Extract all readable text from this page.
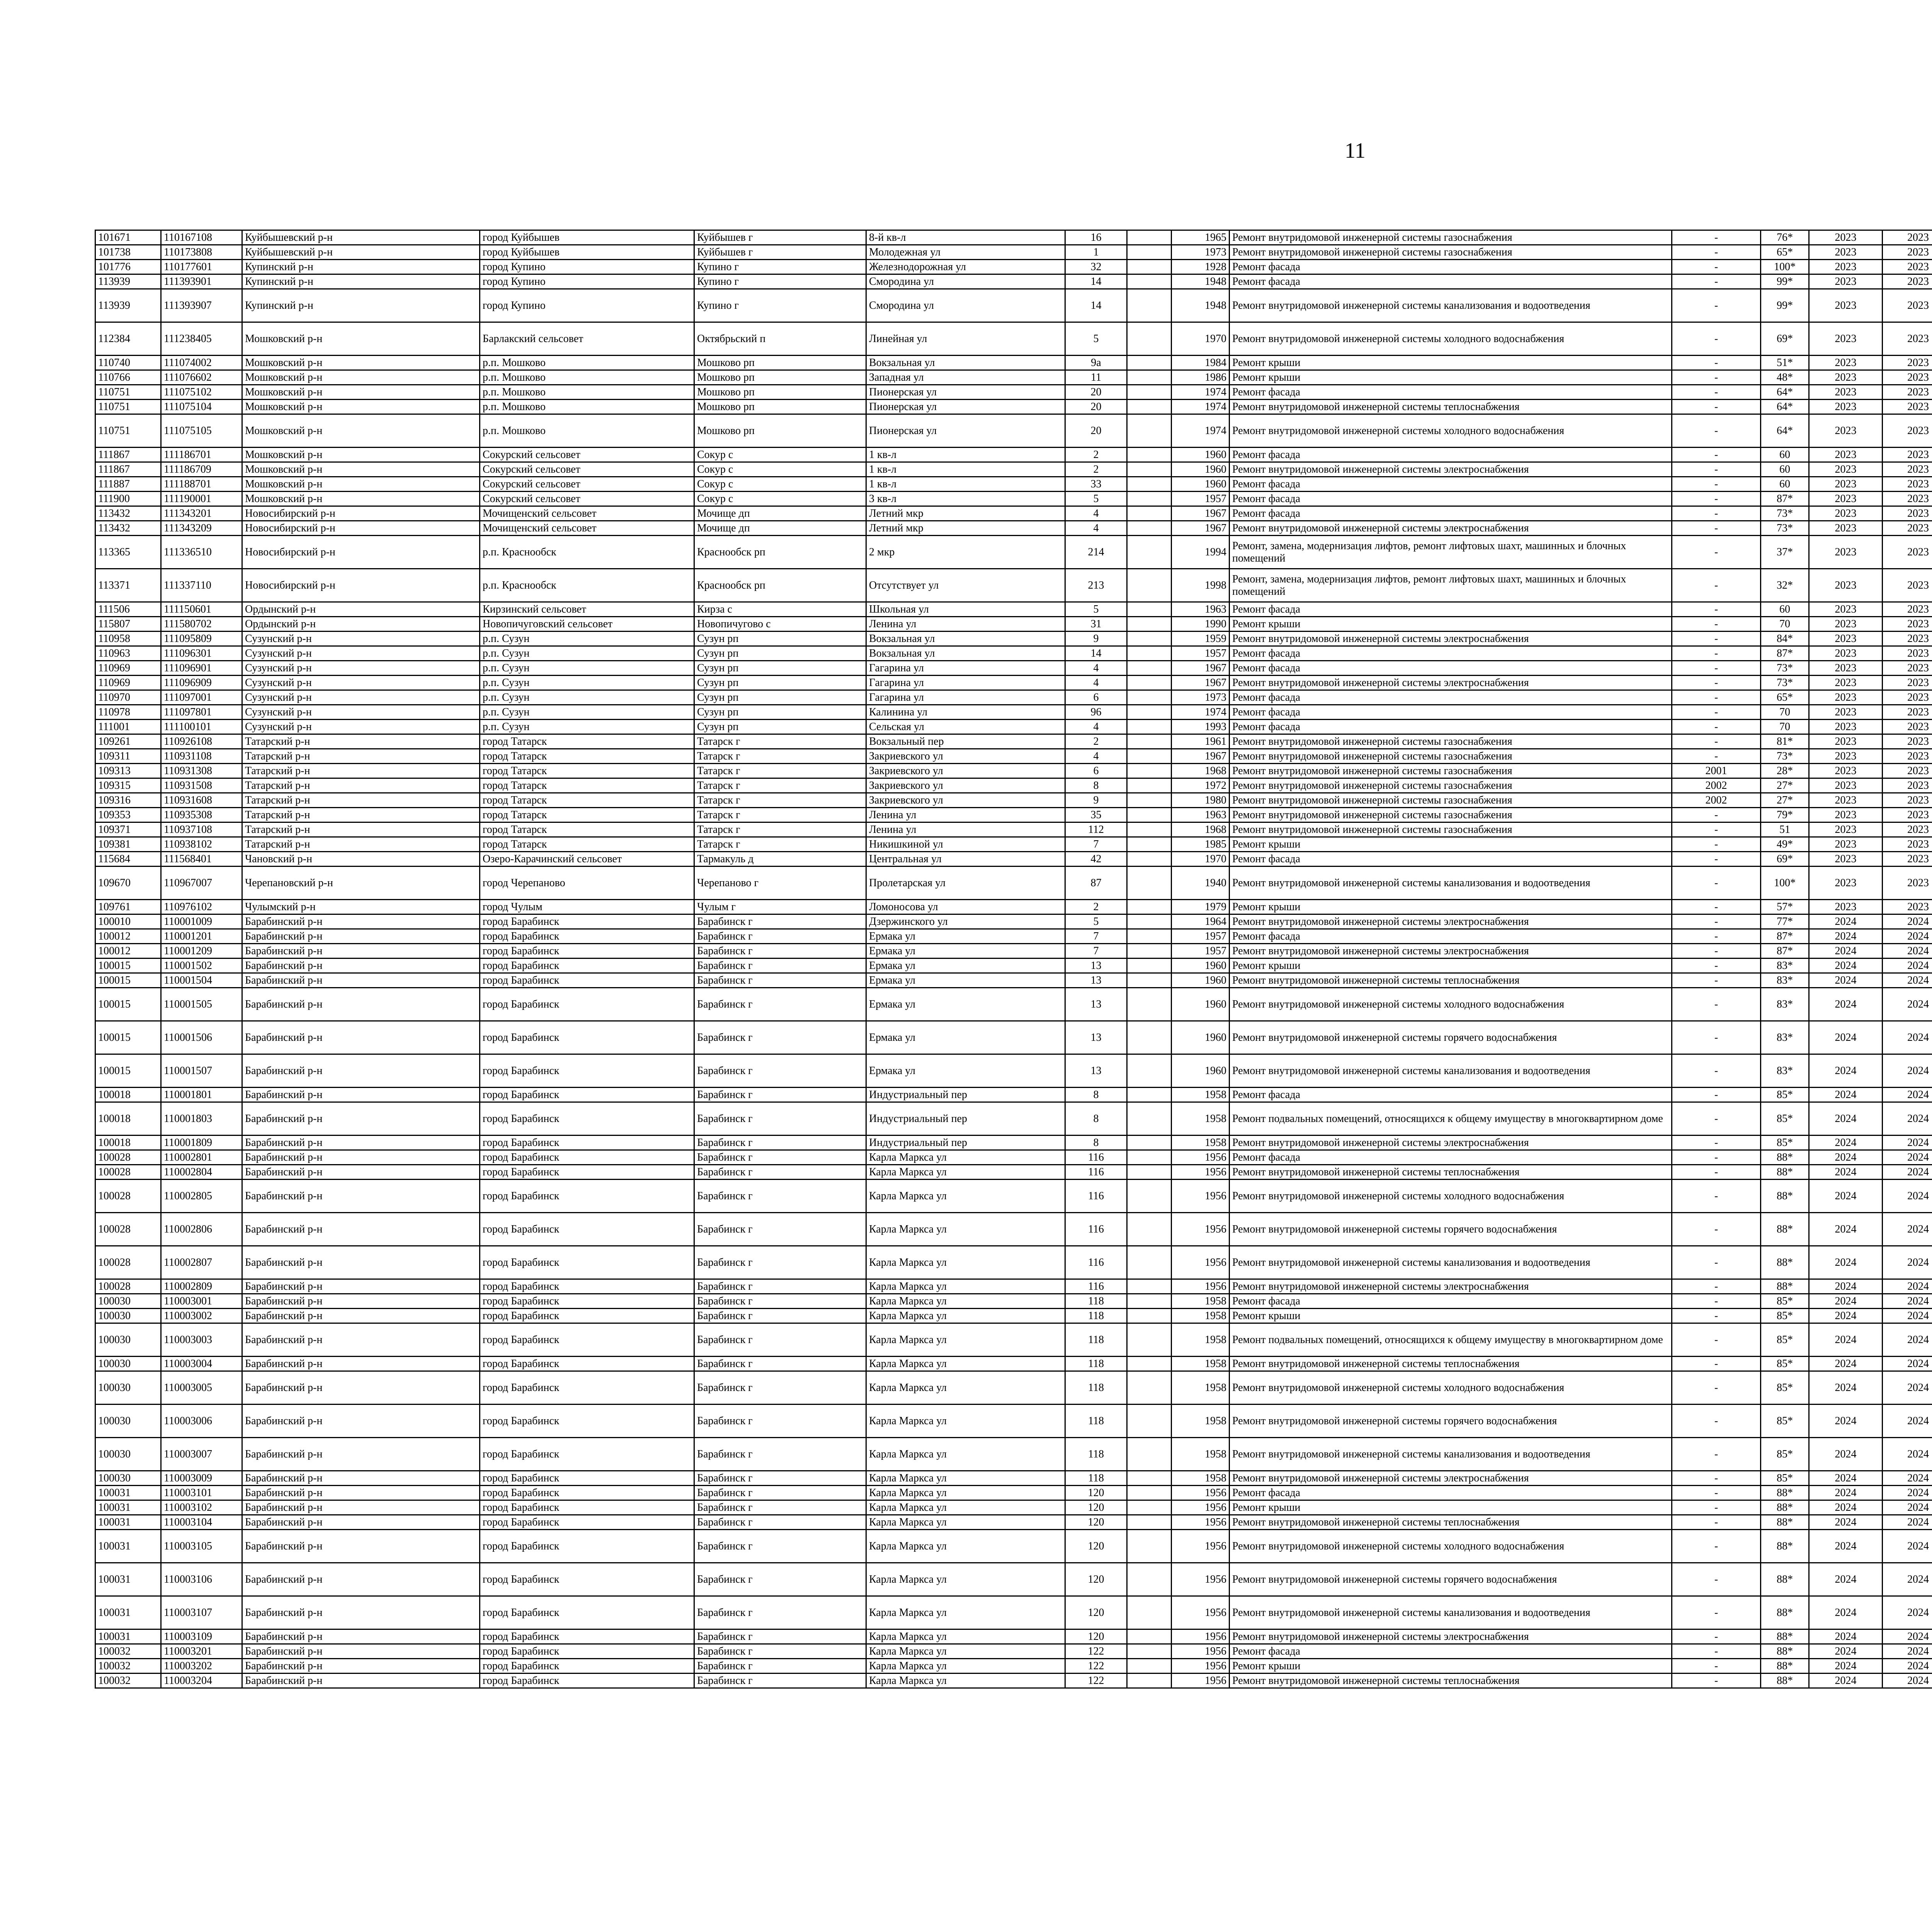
11
101671	110167108	Куйбышевский р-н	город Куйбышев	Куйбышев г	8-й кв-л	16		1965	Ремонт внутридомовой инженерной системы газоснабжения	-	76*	2023	2023					
101738	110173808	Куйбышевский р-н	город Куйбышев	Куйбышев г	Молодежная ул	1		1973	Ремонт внутридомовой инженерной системы газоснабжения	-	65*	2023	2023					
101776	110177601	Купинский р-н	город Купино	Купино г	Железнодорожная ул	32		1928	Ремонт фасада	-	100*	2023	2023					
113939	111393901	Купинский р-н	город Купино	Купино г	Смородина ул	14		1948	Ремонт фасада	-	99*	2023	2023					
113939	111393907	Купинский р-н	город Купино	Купино г	Смородина ул	14		1948	Ремонт внутридомовой инженерной системы канализования и водоотведения	-	99*	2023	2023					
112384	111238405	Мошковский р-н	Барлакский сельсовет	Октябрьский п	Линейная ул	5		1970	Ремонт внутридомовой инженерной системы холодного водоснабжения	-	69*	2023	2023					
110740	111074002	Мошковский р-н	р.п. Мошково	Мошково рп	Вокзальная ул	9а		1984	Ремонт крыши	-	51*	2023	2023					
110766	111076602	Мошковский р-н	р.п. Мошково	Мошково рп	Западная ул	11		1986	Ремонт крыши	-	48*	2023	2023					
110751	111075102	Мошковский р-н	р.п. Мошково	Мошково рп	Пионерская ул	20		1974	Ремонт фасада	-	64*	2023	2023					
110751	111075104	Мошковский р-н	р.п. Мошково	Мошково рп	Пионерская ул	20		1974	Ремонт внутридомовой инженерной системы теплоснабжения	-	64*	2023	2023					
110751	111075105	Мошковский р-н	р.п. Мошково	Мошково рп	Пионерская ул	20		1974	Ремонт внутридомовой инженерной системы холодного водоснабжения	-	64*	2023	2023					
111867	111186701	Мошковский р-н	Сокурский сельсовет	Сокур с	1 кв-л	2		1960	Ремонт фасада	-	60	2023	2023					
111867	111186709	Мошковский р-н	Сокурский сельсовет	Сокур с	1 кв-л	2		1960	Ремонт внутридомовой инженерной системы электроснабжения	-	60	2023	2023					
111887	111188701	Мошковский р-н	Сокурский сельсовет	Сокур с	1 кв-л	33		1960	Ремонт фасада	-	60	2023	2023					
111900	111190001	Мошковский р-н	Сокурский сельсовет	Сокур с	3 кв-л	5		1957	Ремонт фасада	-	87*	2023	2023					
113432	111343201	Новосибирский р-н	Мочищенский сельсовет	Мочище дп	Летний мкр	4		1967	Ремонт фасада	-	73*	2023	2023					
113432	111343209	Новосибирский р-н	Мочищенский сельсовет	Мочище дп	Летний мкр	4		1967	Ремонт внутридомовой инженерной системы электроснабжения	-	73*	2023	2023					
113365	111336510	Новосибирский р-н	р.п. Краснообск	Краснообск рп	2 мкр	214		1994	Ремонт, замена, модернизация лифтов, ремонт лифтовых шахт, машинных и блочных помещений	-	37*	2023	2023					
113371	111337110	Новосибирский р-н	р.п. Краснообск	Краснообск рп	Отсутствует ул	213		1998	Ремонт, замена, модернизация лифтов, ремонт лифтовых шахт, машинных и блочных помещений	-	32*	2023	2023					
111506	111150601	Ордынский р-н	Кирзинский сельсовет	Кирза с	Школьная ул	5		1963	Ремонт фасада	-	60	2023	2023					
115807	111580702	Ордынский р-н	Новопичуговский сельсовет	Новопичугово с	Ленина ул	31		1990	Ремонт крыши	-	70	2023	2023					
110958	111095809	Сузунский р-н	р.п. Сузун	Сузун рп	Вокзальная ул	9		1959	Ремонт внутридомовой инженерной системы электроснабжения	-	84*	2023	2023					
110963	111096301	Сузунский р-н	р.п. Сузун	Сузун рп	Вокзальная ул	14		1957	Ремонт фасада	-	87*	2023	2023					
110969	111096901	Сузунский р-н	р.п. Сузун	Сузун рп	Гагарина ул	4		1967	Ремонт фасада	-	73*	2023	2023					
110969	111096909	Сузунский р-н	р.п. Сузун	Сузун рп	Гагарина ул	4		1967	Ремонт внутридомовой инженерной системы электроснабжения	-	73*	2023	2023					
110970	111097001	Сузунский р-н	р.п. Сузун	Сузун рп	Гагарина ул	6		1973	Ремонт фасада	-	65*	2023	2023					
110978	111097801	Сузунский р-н	р.п. Сузун	Сузун рп	Калинина ул	96		1974	Ремонт фасада	-	70	2023	2023					
111001	111100101	Сузунский р-н	р.п. Сузун	Сузун рп	Сельская ул	4		1993	Ремонт фасада	-	70	2023	2023					
109261	110926108	Татарский р-н	город Татарск	Татарск г	Вокзальный пер	2		1961	Ремонт внутридомовой инженерной системы газоснабжения	-	81*	2023	2023					
109311	110931108	Татарский р-н	город Татарск	Татарск г	Закриевского ул	4		1967	Ремонт внутридомовой инженерной системы газоснабжения	-	73*	2023	2023					
109313	110931308	Татарский р-н	город Татарск	Татарск г	Закриевского ул	6		1968	Ремонт внутридомовой инженерной системы газоснабжения	2001	28*	2023	2023					
109315	110931508	Татарский р-н	город Татарск	Татарск г	Закриевского ул	8		1972	Ремонт внутридомовой инженерной системы газоснабжения	2002	27*	2023	2023					
109316	110931608	Татарский р-н	город Татарск	Татарск г	Закриевского ул	9		1980	Ремонт внутридомовой инженерной системы газоснабжения	2002	27*	2023	2023					
109353	110935308	Татарский р-н	город Татарск	Татарск г	Ленина ул	35		1963	Ремонт внутридомовой инженерной системы газоснабжения	-	79*	2023	2023					
109371	110937108	Татарский р-н	город Татарск	Татарск г	Ленина ул	112		1968	Ремонт внутридомовой инженерной системы газоснабжения	-	51	2023	2023					
109381	110938102	Татарский р-н	город Татарск	Татарск г	Никишкиной ул	7		1985	Ремонт крыши	-	49*	2023	2023					
115684	111568401	Чановский р-н	Озеро-Карачинский сельсовет	Тармакуль д	Центральная ул	42		1970	Ремонт фасада	-	69*	2023	2023					
109670	110967007	Черепановский р-н	город Черепаново	Черепаново г	Пролетарская ул	87		1940	Ремонт внутридомовой инженерной системы канализования и водоотведения	-	100*	2023	2023					
109761	110976102	Чулымский р-н	город Чулым	Чулым г	Ломоносова ул	2		1979	Ремонт крыши	-	57*	2023	2023					
100010	110001009	Барабинский р-н	город Барабинск	Барабинск г	Дзержинского ул	5		1964	Ремонт внутридомовой инженерной системы электроснабжения	-	77*	2024	2024					
100012	110001201	Барабинский р-н	город Барабинск	Барабинск г	Ермака ул	7		1957	Ремонт фасада	-	87*	2024	2024					
100012	110001209	Барабинский р-н	город Барабинск	Барабинск г	Ермака ул	7		1957	Ремонт внутридомовой инженерной системы электроснабжения	-	87*	2024	2024					
100015	110001502	Барабинский р-н	город Барабинск	Барабинск г	Ермака ул	13		1960	Ремонт крыши	-	83*	2024	2024					
100015	110001504	Барабинский р-н	город Барабинск	Барабинск г	Ермака ул	13		1960	Ремонт внутридомовой инженерной системы теплоснабжения	-	83*	2024	2024					
100015	110001505	Барабинский р-н	город Барабинск	Барабинск г	Ермака ул	13		1960	Ремонт внутридомовой инженерной системы холодного водоснабжения	-	83*	2024	2024					
100015	110001506	Барабинский р-н	город Барабинск	Барабинск г	Ермака ул	13		1960	Ремонт внутридомовой инженерной системы горячего водоснабжения	-	83*	2024	2024					
100015	110001507	Барабинский р-н	город Барабинск	Барабинск г	Ермака ул	13		1960	Ремонт внутридомовой инженерной системы канализования и водоотведения	-	83*	2024	2024					
100018	110001801	Барабинский р-н	город Барабинск	Барабинск г	Индустриальный пер	8		1958	Ремонт фасада	-	85*	2024	2024					
100018	110001803	Барабинский р-н	город Барабинск	Барабинск г	Индустриальный пер	8		1958	Ремонт подвальных помещений, относящихся к общему имуществу в многоквартирном доме	-	85*	2024	2024					
100018	110001809	Барабинский р-н	город Барабинск	Барабинск г	Индустриальный пер	8		1958	Ремонт внутридомовой инженерной системы электроснабжения	-	85*	2024	2024					
100028	110002801	Барабинский р-н	город Барабинск	Барабинск г	Карла Маркса ул	116		1956	Ремонт фасада	-	88*	2024	2024					
100028	110002804	Барабинский р-н	город Барабинск	Барабинск г	Карла Маркса ул	116		1956	Ремонт внутридомовой инженерной системы теплоснабжения	-	88*	2024	2024					
100028	110002805	Барабинский р-н	город Барабинск	Барабинск г	Карла Маркса ул	116		1956	Ремонт внутридомовой инженерной системы холодного водоснабжения	-	88*	2024	2024					
100028	110002806	Барабинский р-н	город Барабинск	Барабинск г	Карла Маркса ул	116		1956	Ремонт внутридомовой инженерной системы горячего водоснабжения	-	88*	2024	2024					
100028	110002807	Барабинский р-н	город Барабинск	Барабинск г	Карла Маркса ул	116		1956	Ремонт внутридомовой инженерной системы канализования и водоотведения	-	88*	2024	2024					
100028	110002809	Барабинский р-н	город Барабинск	Барабинск г	Карла Маркса ул	116		1956	Ремонт внутридомовой инженерной системы электроснабжения	-	88*	2024	2024					
100030	110003001	Барабинский р-н	город Барабинск	Барабинск г	Карла Маркса ул	118		1958	Ремонт фасада	-	85*	2024	2024					
100030	110003002	Барабинский р-н	город Барабинск	Барабинск г	Карла Маркса ул	118		1958	Ремонт крыши	-	85*	2024	2024					
100030	110003003	Барабинский р-н	город Барабинск	Барабинск г	Карла Маркса ул	118		1958	Ремонт подвальных помещений, относящихся к общему имуществу в многоквартирном доме	-	85*	2024	2024					
100030	110003004	Барабинский р-н	город Барабинск	Барабинск г	Карла Маркса ул	118		1958	Ремонт внутридомовой инженерной системы теплоснабжения	-	85*	2024	2024					
100030	110003005	Барабинский р-н	город Барабинск	Барабинск г	Карла Маркса ул	118		1958	Ремонт внутридомовой инженерной системы холодного водоснабжения	-	85*	2024	2024					
100030	110003006	Барабинский р-н	город Барабинск	Барабинск г	Карла Маркса ул	118		1958	Ремонт внутридомовой инженерной системы горячего водоснабжения	-	85*	2024	2024					
100030	110003007	Барабинский р-н	город Барабинск	Барабинск г	Карла Маркса ул	118		1958	Ремонт внутридомовой инженерной системы канализования и водоотведения	-	85*	2024	2024					
100030	110003009	Барабинский р-н	город Барабинск	Барабинск г	Карла Маркса ул	118		1958	Ремонт внутридомовой инженерной системы электроснабжения	-	85*	2024	2024					
100031	110003101	Барабинский р-н	город Барабинск	Барабинск г	Карла Маркса ул	120		1956	Ремонт фасада	-	88*	2024	2024					
100031	110003102	Барабинский р-н	город Барабинск	Барабинск г	Карла Маркса ул	120		1956	Ремонт крыши	-	88*	2024	2024					
100031	110003104	Барабинский р-н	город Барабинск	Барабинск г	Карла Маркса ул	120		1956	Ремонт внутридомовой инженерной системы теплоснабжения	-	88*	2024	2024					
100031	110003105	Барабинский р-н	город Барабинск	Барабинск г	Карла Маркса ул	120		1956	Ремонт внутридомовой инженерной системы холодного водоснабжения	-	88*	2024	2024					
100031	110003106	Барабинский р-н	город Барабинск	Барабинск г	Карла Маркса ул	120		1956	Ремонт внутридомовой инженерной системы горячего водоснабжения	-	88*	2024	2024					
100031	110003107	Барабинский р-н	город Барабинск	Барабинск г	Карла Маркса ул	120		1956	Ремонт внутридомовой инженерной системы канализования и водоотведения	-	88*	2024	2024					
100031	110003109	Барабинский р-н	город Барабинск	Барабинск г	Карла Маркса ул	120		1956	Ремонт внутридомовой инженерной системы электроснабжения	-	88*	2024	2024					
100032	110003201	Барабинский р-н	город Барабинск	Барабинск г	Карла Маркса ул	122		1956	Ремонт фасада	-	88*	2024	2024					
100032	110003202	Барабинский р-н	город Барабинск	Барабинск г	Карла Маркса ул	122		1956	Ремонт крыши	-	88*	2024	2024					
100032	110003204	Барабинский р-н	город Барабинск	Барабинск г	Карла Маркса ул	122		1956	Ремонт внутридомовой инженерной системы теплоснабжения	-	88*	2024	2024					
